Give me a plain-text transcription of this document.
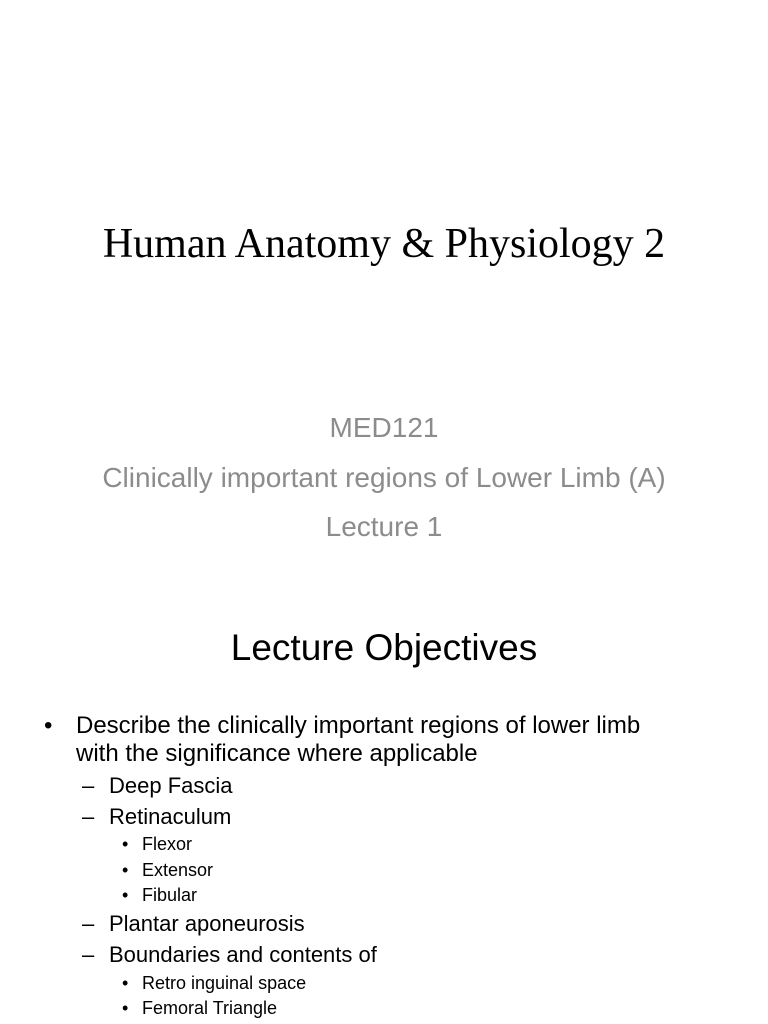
Human Anatomy & Physiology 2
MED121
Clinically important regions of Lower Limb (A)
Lecture 1
Lecture Objectives
• Describe the clinically important regions of lower limb
with the significance where applicable
– Deep Fascia
– Retinaculum
• Flexor
• Extensor
• Fibular
– Plantar aponeurosis
– Boundaries and contents of
• Retro inguinal space
• Femoral Triangle
